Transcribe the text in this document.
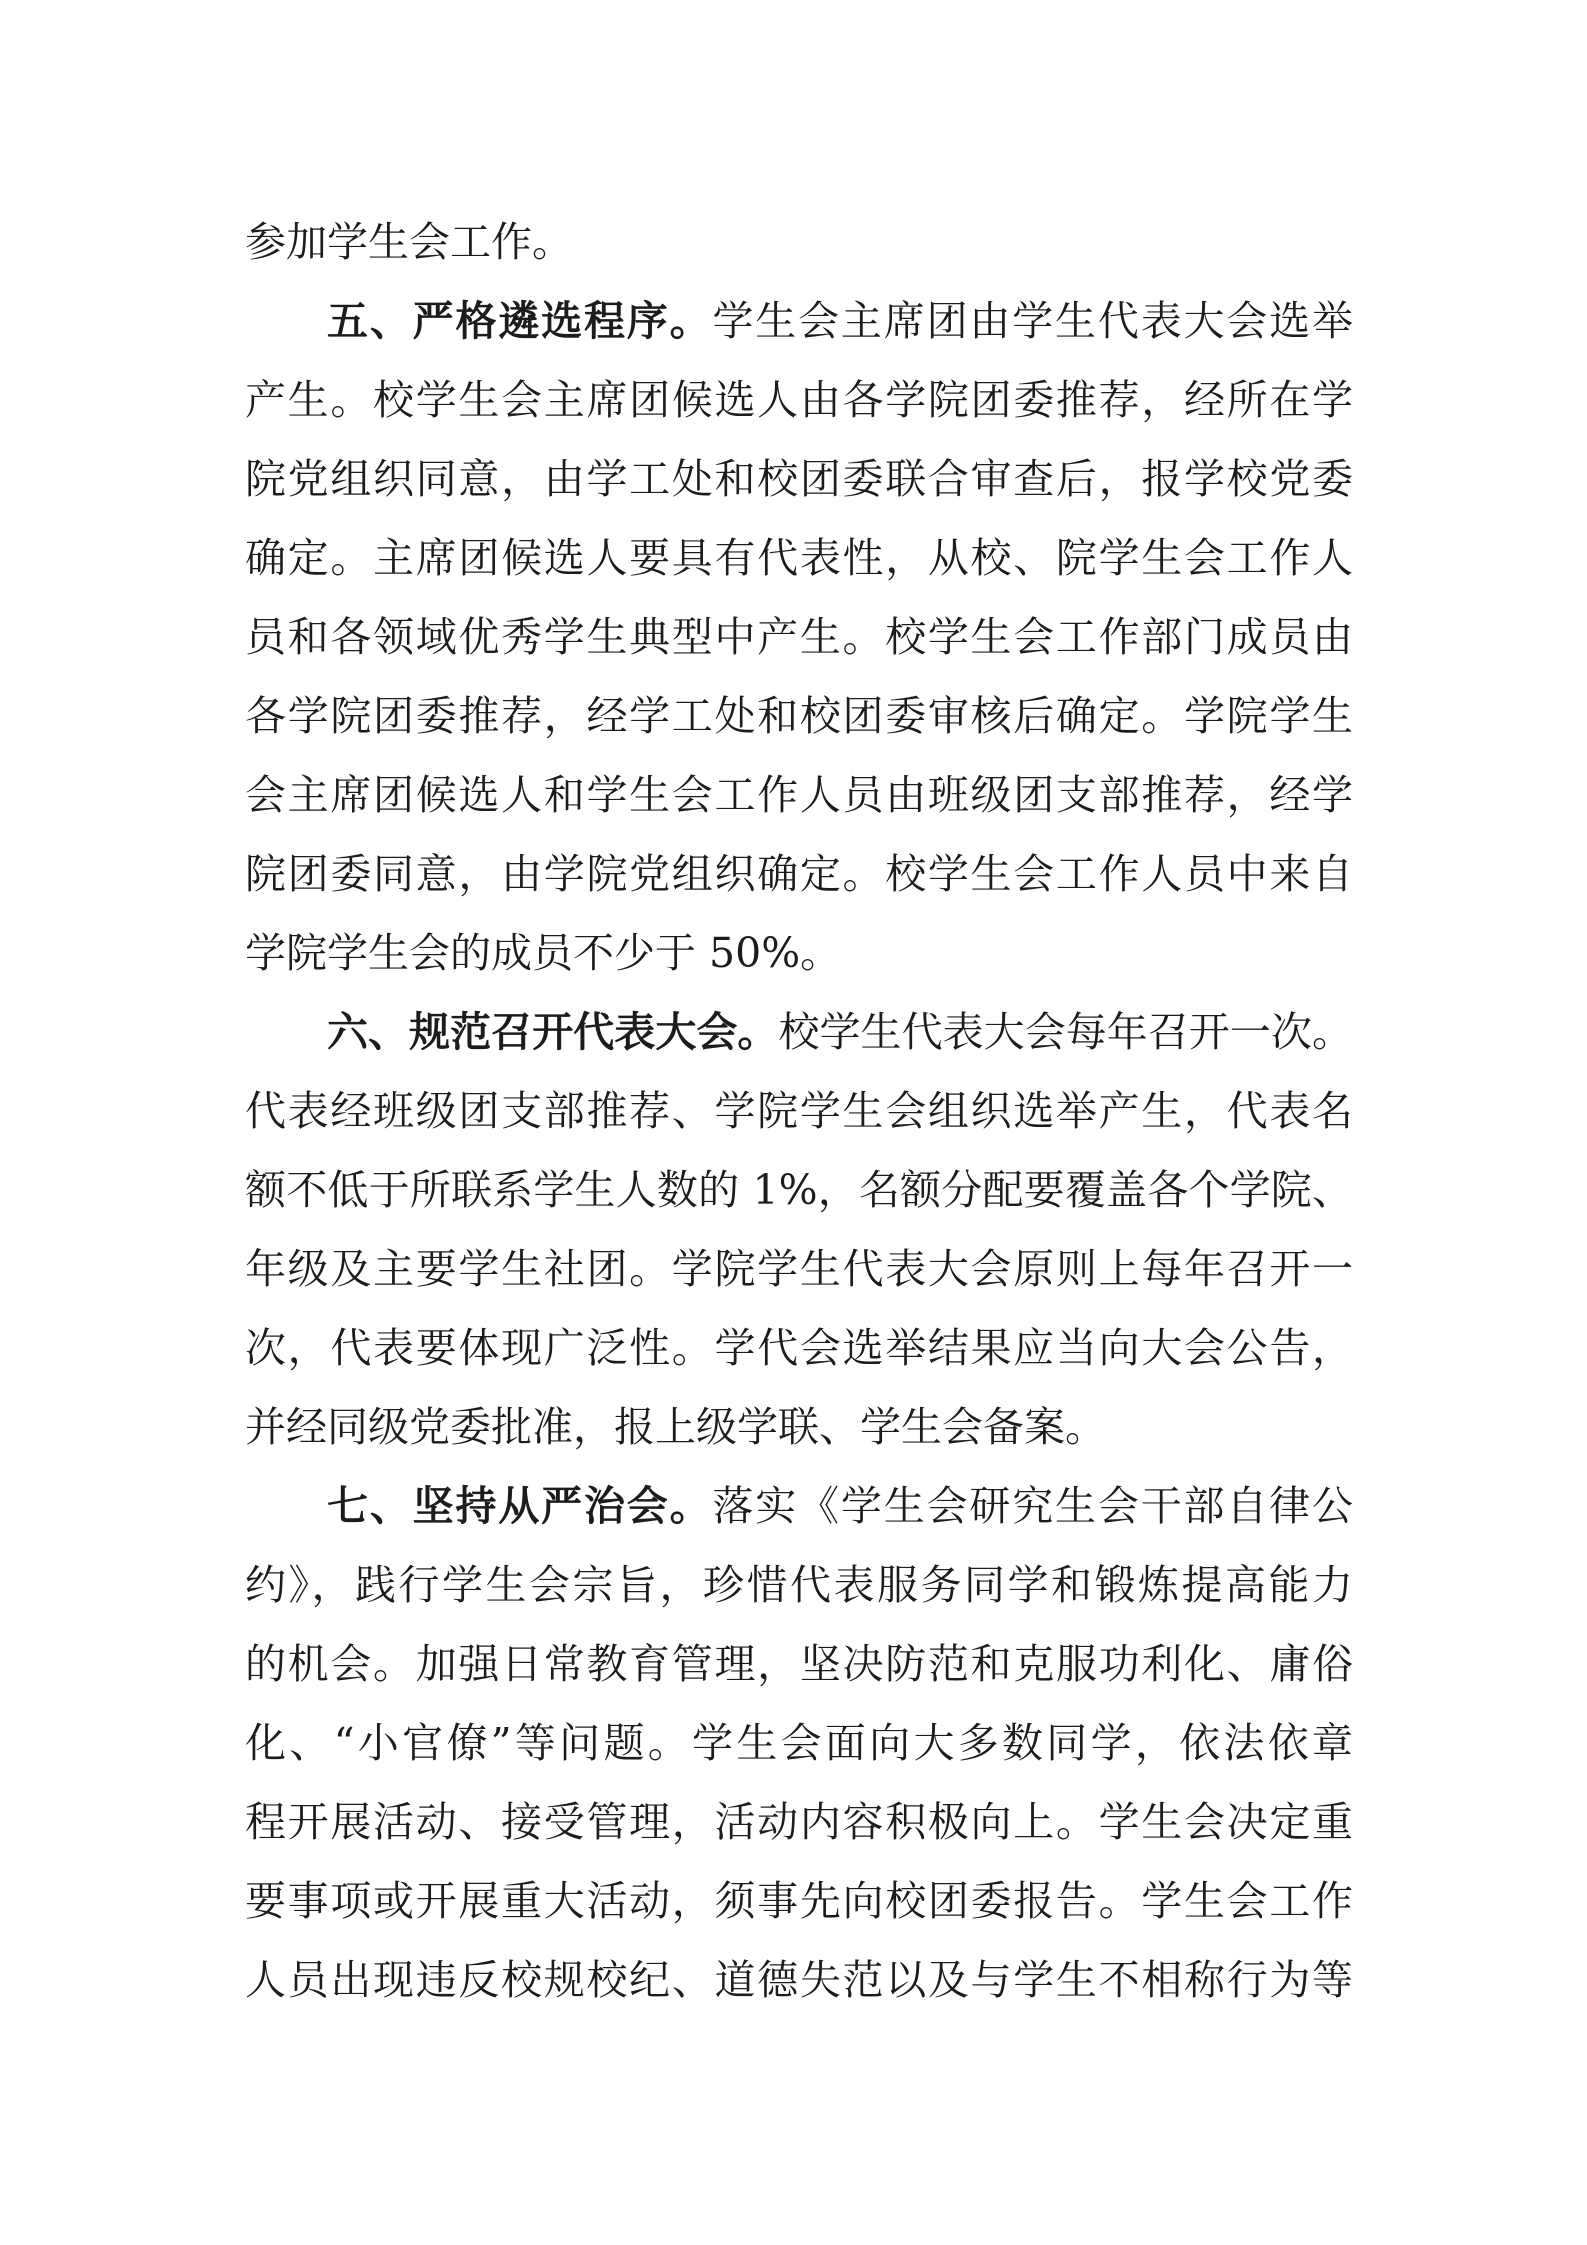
参加学生会工作。

五、严格遴选程序。学生会主席团由学生代表大会选举

产生。校学生会主席团候选人由各学院团委推荐，经所在学

院党组织同意，由学工处和校团委联合审查后，报学校党委

确定。主席团候选人要具有代表性，从校、院学生会工作人

员和各领域优秀学生典型中产生。校学生会工作部门成员由

各学院团委推荐，经学工处和校团委审核后确定。学院学生

会主席团候选人和学生会工作人员由班级团支部推荐，经学

院团委同意，由学院党组织确定。校学生会工作人员中来自

学院学生会的成员不少于 50%。

六、规范召开代表大会。校学生代表大会每年召开一次。

代表经班级团支部推荐、学院学生会组织选举产生，代表名

额不低于所联系学生人数的 1%，名额分配要覆盖各个学院、

年级及主要学生社团。学院学生代表大会原则上每年召开一

次，代表要体现广泛性。学代会选举结果应当向大会公告，

并经同级党委批准，报上级学联、学生会备案。

七、坚持从严治会。落实《学生会研究生会干部自律公

约》，践行学生会宗旨，珍惜代表服务同学和锻炼提高能力

的机会。加强日常教育管理，坚决防范和克服功利化、庸俗

化、“小官僚”等问题。学生会面向大多数同学，依法依章

程开展活动、接受管理，活动内容积极向上。学生会决定重

要事项或开展重大活动，须事先向校团委报告。学生会工作

人员出现违反校规校纪、道德失范以及与学生不相称行为等
